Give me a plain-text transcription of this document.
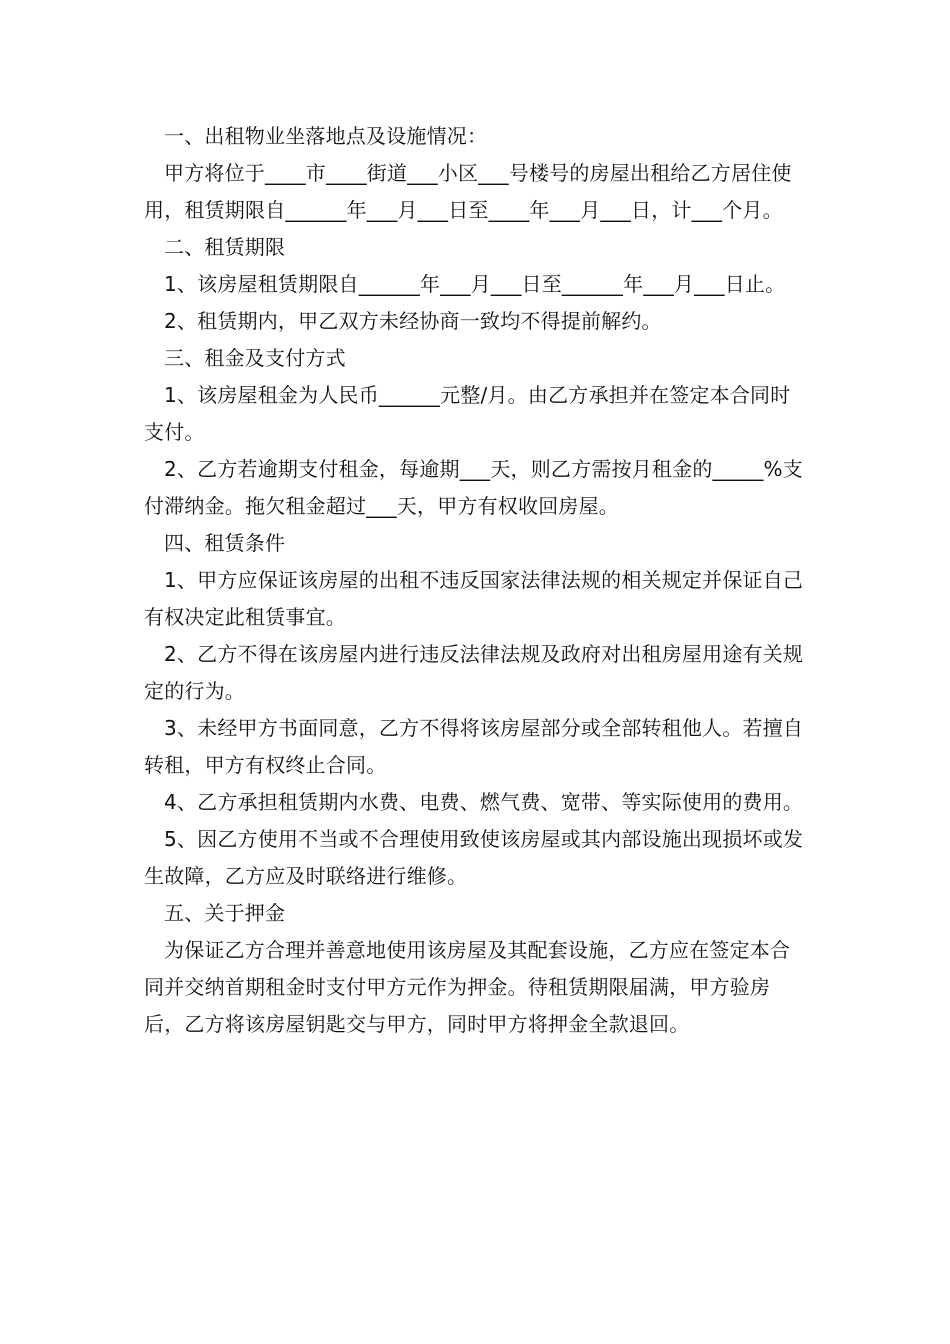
一、出租物业坐落地点及设施情况：

甲方将位于____市____街道___小区___号楼号的房屋出租给乙方居住使用，租赁期限自______年___月___日至____年___月___日，计___个月。

二、租赁期限

1、该房屋租赁期限自______年___月___日至______年___月___日止。

2、租赁期内，甲乙双方未经协商一致均不得提前解约。

三、租金及支付方式

1、该房屋租金为人民币______元整/月。由乙方承担并在签定本合同时支付。

2、乙方若逾期支付租金，每逾期___天，则乙方需按月租金的_____%支付滞纳金。拖欠租金超过___天，甲方有权收回房屋。

四、租赁条件

1、甲方应保证该房屋的出租不违反国家法律法规的相关规定并保证自己有权决定此租赁事宜。

2、乙方不得在该房屋内进行违反法律法规及政府对出租房屋用途有关规定的行为。

3、未经甲方书面同意，乙方不得将该房屋部分或全部转租他人。若擅自转租，甲方有权终止合同。

4、乙方承担租赁期内水费、电费、燃气费、宽带、等实际使用的费用。

5、因乙方使用不当或不合理使用致使该房屋或其内部设施出现损坏或发生故障，乙方应及时联络进行维修。

五、关于押金

为保证乙方合理并善意地使用该房屋及其配套设施，乙方应在签定本合同并交纳首期租金时支付甲方元作为押金。待租赁期限届满，甲方验房后，乙方将该房屋钥匙交与甲方，同时甲方将押金全款退回。
